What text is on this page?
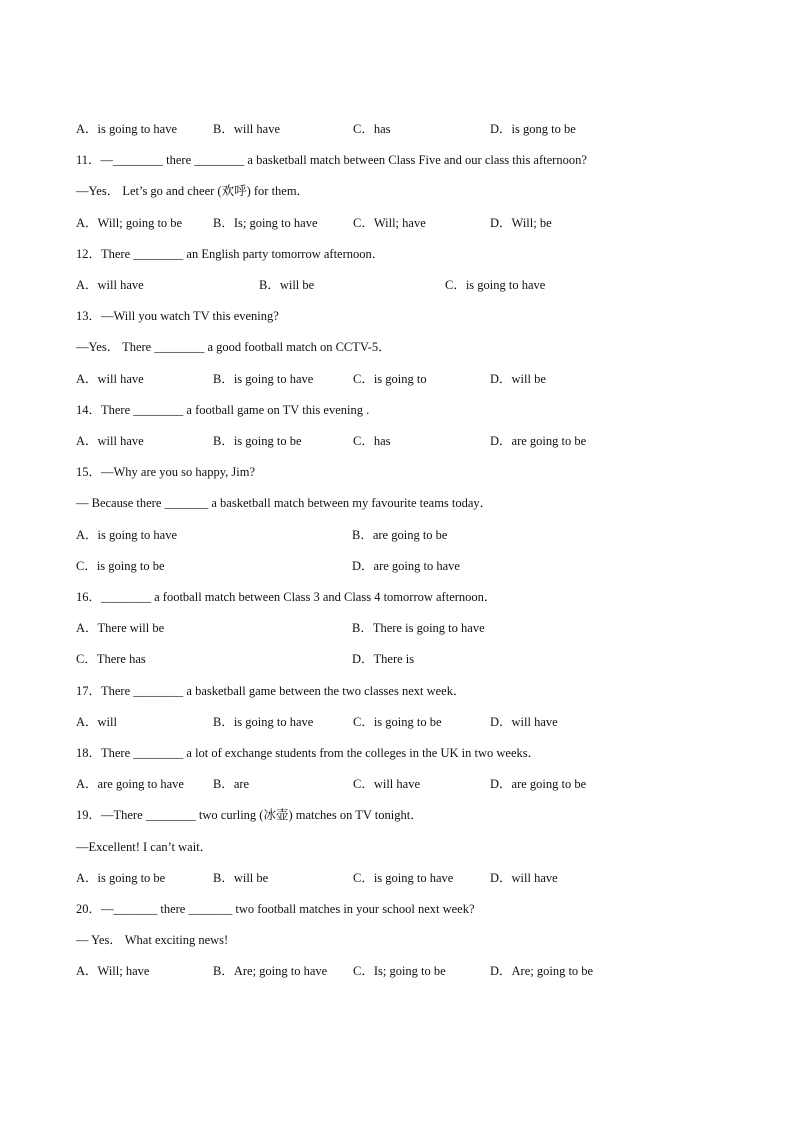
A．is going to have	B．will have	C．has	D．is gong to be
11．—________ there ________ a basketball match between Class Five and our class this afternoon?
—Yes． Let’s go and cheer (欢呼) for them．
A．Will; going to be B．Is; going to have	C．Will; have	D．Will; be
12．There ________ an English party tomorrow afternoon．
A．will have	B．will be	C．is going to have
13．—Will you watch TV this evening?
—Yes． There ________ a good football match on CCTV-5．
A．will have	B．is going to have	C．is going to	D．will be
14．There ________ a football game on TV this evening .
A．will have	B．is going to be	C．has	D．are going to be
15．—Why are you so happy, Jim?
— Because there _______ a basketball match between my favourite teams today．
A．is going to have	B．are going to be
C．is going to be	D．are going to have
16．________ a football match between Class 3 and Class 4 tomorrow afternoon．
A．There will be	B．There is going to have
C．There has	D．There is
17．There ________ a basketball game between the two classes next week．
A．will	B．is going to have	C．is going to be	D．will have
18．There ________ a lot of exchange students from the colleges in the UK in two weeks．
A．are going to have B．are	C．will have	D．are going to be
19．—There ________ two curling (冰壶) matches on TV tonight．
—Excellent! I can’t wait．
A．is going to be	B．will be	C．is going to have	D．will have
20．—_______ there _______ two football matches in your school next week?
— Yes． What exciting news!
A．Will; have	B．Are; going to have C．Is; going to be	D．Are; going to be
